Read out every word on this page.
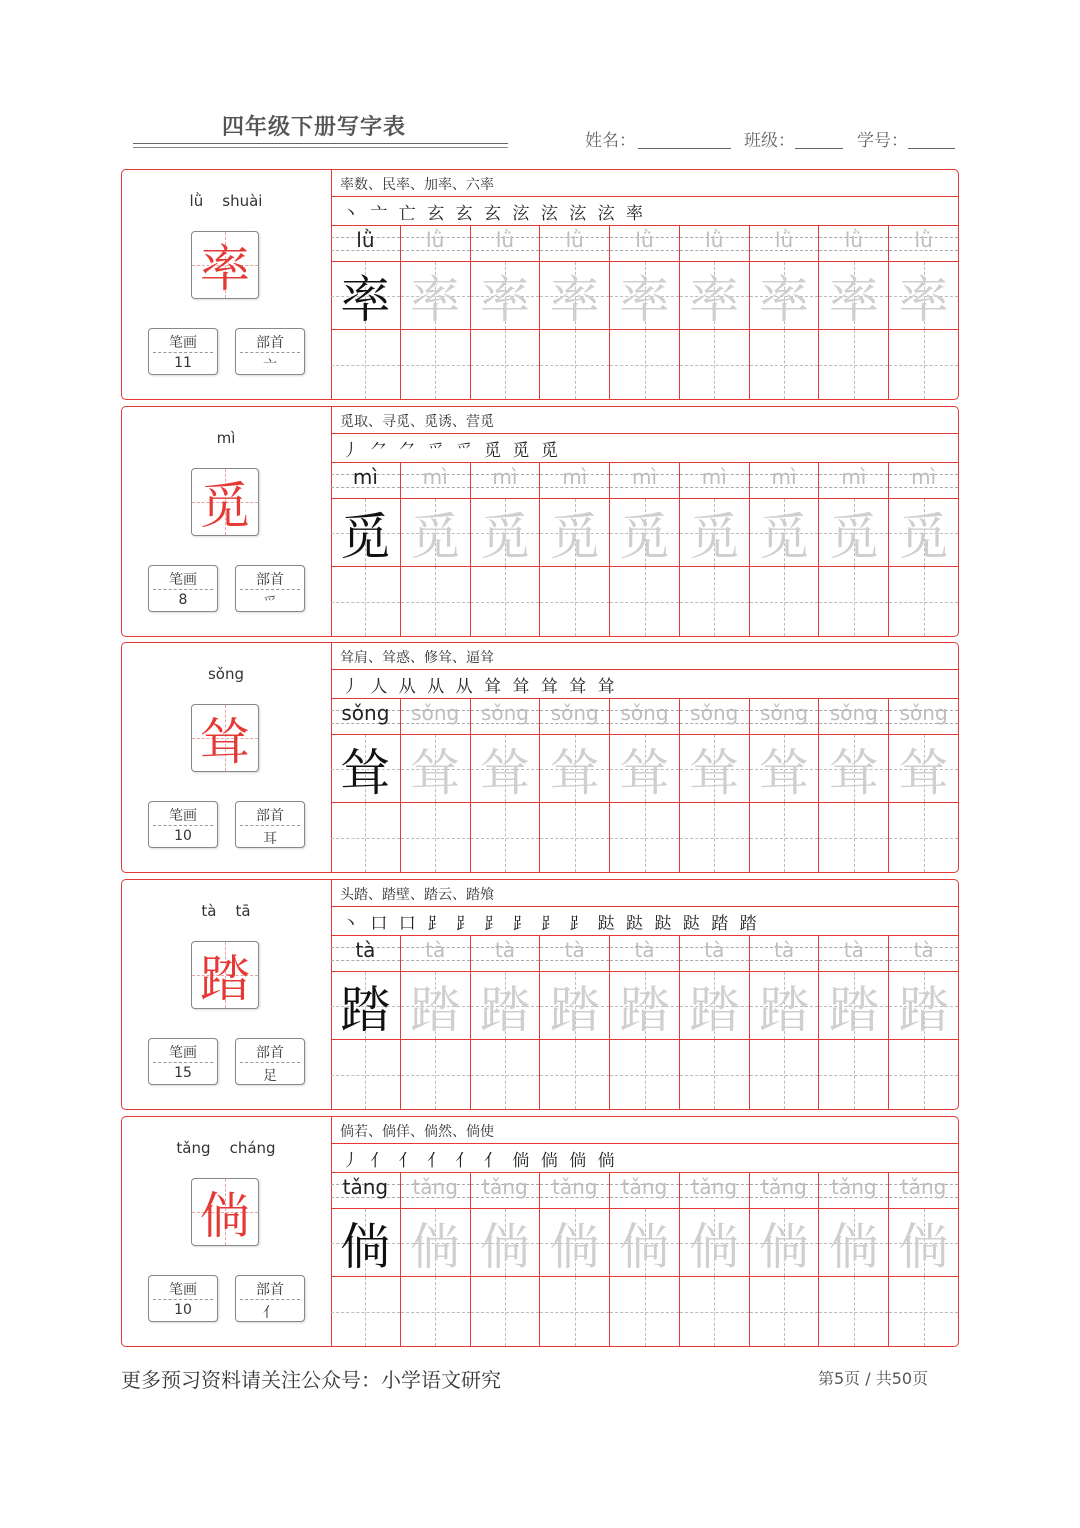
四年级下册写字表
姓名：	班级：	学号：
lǜ    shuài
率
笔画
11
部首
亠
率数、民率、加率、六率
丶 亠 亡 玄 玄 玄 泫 泫 泫 泫 率
lǜ	lǜ	lǜ	lǜ	lǜ	lǜ	lǜ	lǜ	lǜ
率 率 率 率 率 率 率 率 率
mì
觅
笔画
8
部首
爫
觅取、寻觅、觅诱、营觅
丿 ⺈ ⺈ 爫 爫 觅 觅 觅
mì	mì	mì	mì	mì	mì	mì	mì	mì
觅 觅 觅 觅 觅 觅 觅 觅 觅
sǒng
耸
笔画
10
部首
耳
耸肩、耸惑、修耸、逼耸
丿 人 从 从 从 耸 耸 耸 耸 耸
sǒng	sǒng	sǒng	sǒng	sǒng	sǒng	sǒng	sǒng	sǒng
耸 耸 耸 耸 耸 耸 耸 耸 耸
tà    tā
踏
笔画
15
部首
足
头踏、踏壁、踏云、踏飧
丶 口 口 ⻊ ⻊ ⻊ ⻊ ⻊ ⻊ 跶 跶 跶 跶 踏 踏
tà	tà	tà	tà	tà	tà	tà	tà	tà
踏 踏 踏 踏 踏 踏 踏 踏 踏
tǎng    cháng
倘
笔画
10
部首
亻
倘若、倘佯、倘然、倘使
丿 亻 亻 亻 亻 亻 倘 倘 倘 倘
tǎng	tǎng	tǎng	tǎng	tǎng	tǎng	tǎng	tǎng	tǎng
倘 倘 倘 倘 倘 倘 倘 倘 倘
更多预习资料请关注公众号：小学语文研究	第5页 / 共50页
